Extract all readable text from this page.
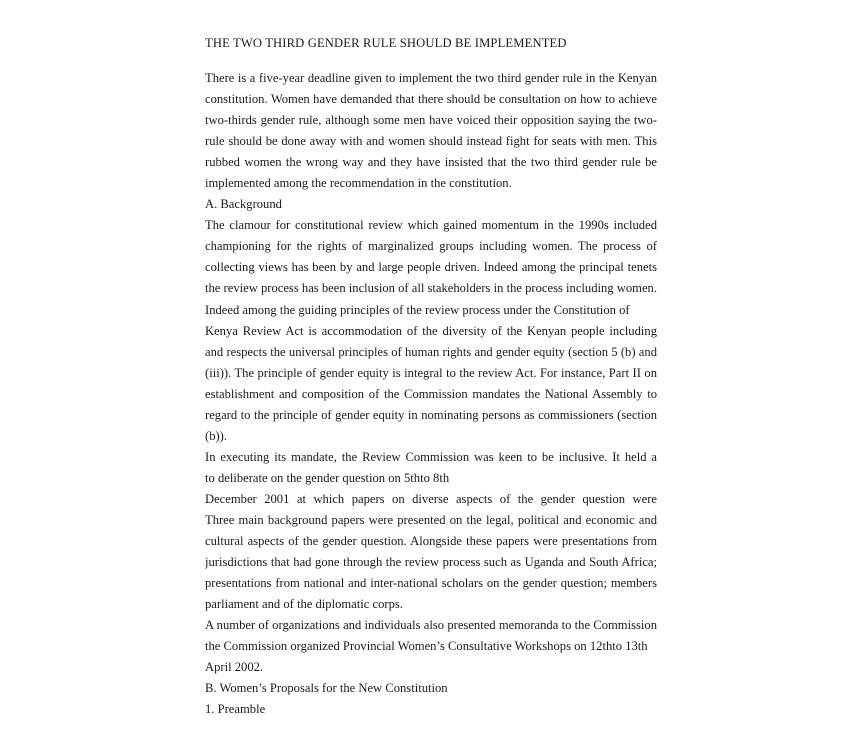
THE TWO THIRD GENDER RULE SHOULD BE IMPLEMENTED
There is a five-year deadline given to implement the two third gender rule in the Kenyan
constitution. Women have demanded that there should be consultation on how to achieve
two-thirds gender rule, although some men have voiced their opposition saying the two-
rule should be done away with and women should instead fight for seats with men. This
rubbed women the wrong way and they have insisted that the two third gender rule be
implemented among the recommendation in the constitution.
A. Background
The clamour for constitutional review which gained momentum in the 1990s included
championing for the rights of marginalized groups including women. The process of
collecting views has been by and large people driven. Indeed among the principal tenets
the review process has been inclusion of all stakeholders in the process including women.
Indeed among the guiding principles of the review process under the Constitution of
Kenya Review Act is accommodation of the diversity of the Kenyan people including
and respects the universal principles of human rights and gender equity (section 5 (b) and
(iii)). The principle of gender equity is integral to the review Act. For instance, Part II on
establishment and composition of the Commission mandates the National Assembly to
regard to the principle of gender equity in nominating persons as commissioners (section
(b)).
In executing its mandate, the Review Commission was keen to be inclusive. It held a
to deliberate on the gender question on 5thto 8th
December 2001 at which papers on diverse aspects of the gender question were
Three main background papers were presented on the legal, political and economic and
cultural aspects of the gender question. Alongside these papers were presentations from
jurisdictions that had gone through the review process such as Uganda and South Africa;
presentations from national and inter-national scholars on the gender question; members
parliament and of the diplomatic corps.
A number of organizations and individuals also presented memoranda to the Commission
the Commission organized Provincial Women’s Consultative Workshops on 12thto 13th
April 2002.
B. Women’s Proposals for the New Constitution
1. Preamble
